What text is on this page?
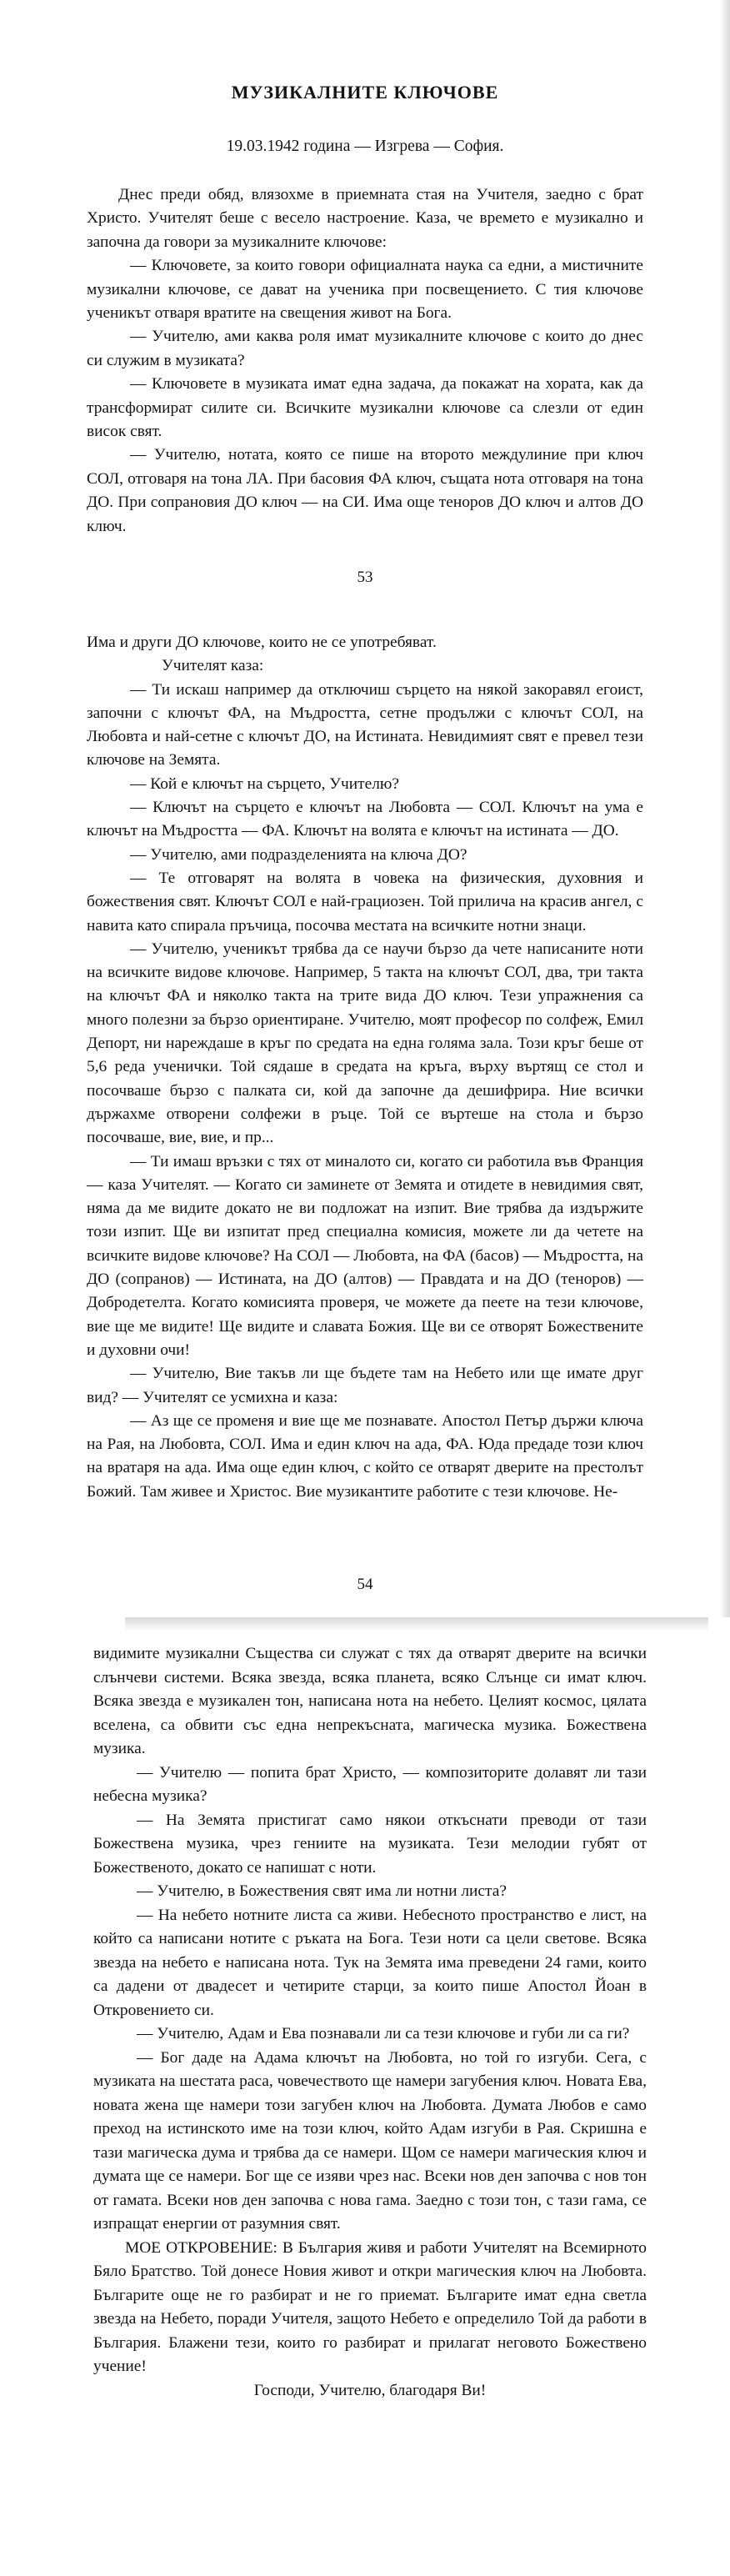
МУЗИКАЛНИТЕ КЛЮЧОВЕ
19.03.1942 година — Изгрева — София.

Днес преди обяд, влязохме в приемната стая на Учителя, заедно с брат Христо. Учителят беше с весело настроение. Каза, че времето е музикално и започна да говори за музикалните ключове:

— Ключовете, за които говори официалната наука са едни, а мистичните музикални ключове, се дават на ученика при посвещението. С тия ключове ученикът отваря вратите на свещения живот на Бога.

— Учителю, ами каква роля имат музикалните ключове с които до днес си служим в музиката?

— Ключовете в музиката имат една задача, да покажат на хората, как да трансформират силите си. Всичките музикални ключове са слезли от един висок свят.

— Учителю, нотата, която се пише на второто междулиние при ключ СОЛ, отговаря на тона ЛА. При басовия ФА ключ, същата нота отговаря на тона ДО. При сопрановия ДО ключ — на СИ. Има още теноров ДО ключ и алтов ДО ключ.

53

Има и други ДО ключове, които не се употребяват.

Учителят каза:

— Ти искаш например да отключиш сърцето на някой закоравял егоист, започни с ключът ФА, на Мъдростта, сетне продължи с ключът СОЛ, на Любовта и най-сетне с ключът ДО, на Истината. Невидимият свят е превел тези ключове на Земята.

— Кой е ключът на сърцето, Учителю?

— Ключът на сърцето е ключът на Любовта — СОЛ. Ключът на ума е ключът на Мъдростта — ФА. Ключът на волята е ключът на истината — ДО.

— Учителю, ами подразделенията на ключа ДО?

— Те отговарят на волята в човека на физическия, духовния и божествения свят. Ключът СОЛ е най-грациозен. Той прилича на красив ангел, с навита като спирала пръчица, посочва местата на всичките нотни знаци.

— Учителю, ученикът трябва да се научи бързо да чете написаните ноти на всичките видове ключове. Например, 5 такта на ключът СОЛ, два, три такта на ключът ФА и няколко такта на трите вида ДО ключ. Тези упражнения са много полезни за бързо ориентиране. Учителю, моят професор по солфеж, Емил Депорт, ни нареждаше в кръг по средата на една голяма зала. Този кръг беше от 5,6 реда ученички. Той сядаше в средата на кръга, върху въртящ се стол и посочваше бързо с палката си, кой да започне да дешифрира. Ние всички държахме отворени солфежи в ръце. Той се въртеше на стола и бързо посочваше, вие, вие, и пр...

— Ти имаш връзки с тях от миналото си, когато си работила във Франция — каза Учителят. — Когато си заминете от Земята и отидете в невидимия свят, няма да ме видите докато не ви подложат на изпит. Вие трябва да издържите този изпит. Ще ви изпитат пред специална комисия, можете ли да четете на всичките видове ключове? На СОЛ — Любовта, на ФА (басов) — Мъдростта, на ДО (сопранов) — Истината, на ДО (алтов) — Правдата и на ДО (теноров) — Добродетелта. Когато комисията проверя, че можете да пеете на тези ключове, вие ще ме видите! Ще видите и славата Божия. Ще ви се отворят Божествените и духовни очи!

— Учителю, Вие такъв ли ще бъдете там на Небето или ще имате друг вид? — Учителят се усмихна и каза:

— Аз ще се променя и вие ще ме познавате. Апостол Петър държи ключа на Рая, на Любовта, СОЛ. Има и един ключ на ада, ФА. Юда предаде този ключ на вратаря на ада. Има още един ключ, с който се отварят дверите на престолът Божий. Там живее и Христос. Вие музикантите работите с тези ключове. Не-

54

видимите музикални Същества си служат с тях да отварят дверите на всички слънчеви системи. Всяка звезда, всяка планета, всяко Слънце си имат ключ. Всяка звезда е музикален тон, написана нота на небето. Целият космос, цялата вселена, са обвити със една непрекъсната, магическа музика. Божествена музика.

— Учителю — попита брат Христо, — композиторите долавят ли тази небесна музика?

— На Земята пристигат само някои откъснати преводи от тази Божествена музика, чрез гениите на музиката. Тези мелодии губят от Божественото, докато се напишат с ноти.

— Учителю, в Божествения свят има ли нотни листа?

— На небето нотните листа са живи. Небесното пространство е лист, на който са написани нотите с ръката на Бога. Тези ноти са цели светове. Всяка звезда на небето е написана нота. Тук на Земята има преведени 24 гами, които са дадени от двадесет и четирите старци, за които пише Апостол Йоан в Откровението си.

— Учителю, Адам и Ева познавали ли са тези ключове и губи ли са ги?

— Бог даде на Адама ключът на Любовта, но той го изгуби. Сега, с музиката на шестата раса, човечеството ще намери загубения ключ. Новата Ева, новата жена ще намери този загубен ключ на Любовта. Думата Любов е само преход на истинското име на този ключ, който Адам изгуби в Рая. Скришна е тази магическа дума и трябва да се намери. Щом се намери магическия ключ и думата ще се намери. Бог ще се изяви чрез нас. Всеки нов ден започва с нов тон от гамата. Всеки нов ден започва с нова гама. Заедно с този тон, с тази гама, се изпращат енергии от разумния свят.

МОЕ ОТКРОВЕНИЕ: В България живя и работи Учителят на Всемирното Бяло Братство. Той донесе Новия живот и откри магическия ключ на Любовта. Българите още не го разбират и не го приемат. Българите имат една светла звезда на Небето, поради Учителя, защото Небето е определило Той да работи в България. Блажени тези, които го разбират и прилагат неговото Божествено учение!

Господи, Учителю, благодаря Ви!
